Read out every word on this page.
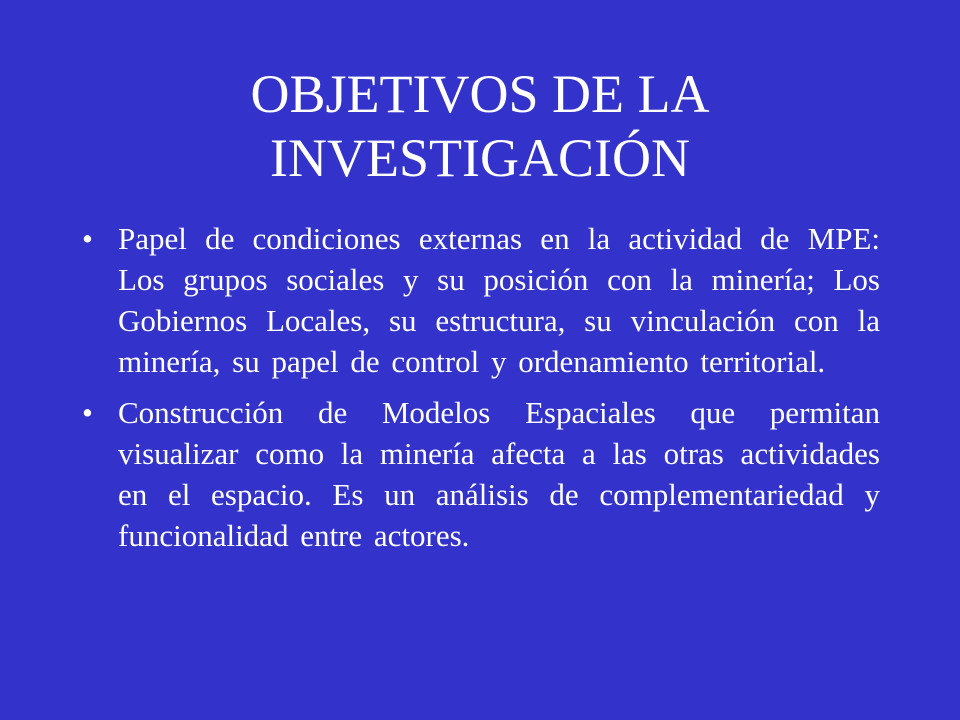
OBJETIVOS DE LA
INVESTIGACIÓN
• Papel de condiciones externas en la actividad de MPE: Los grupos sociales y su posición con la minería; Los Gobiernos Locales, su estructura, su vinculación con la minería, su papel de control y ordenamiento territorial.
• Construcción de Modelos Espaciales que permitan visualizar como la minería afecta a las otras actividades en el espacio. Es un análisis de complementariedad y funcionalidad entre actores.
